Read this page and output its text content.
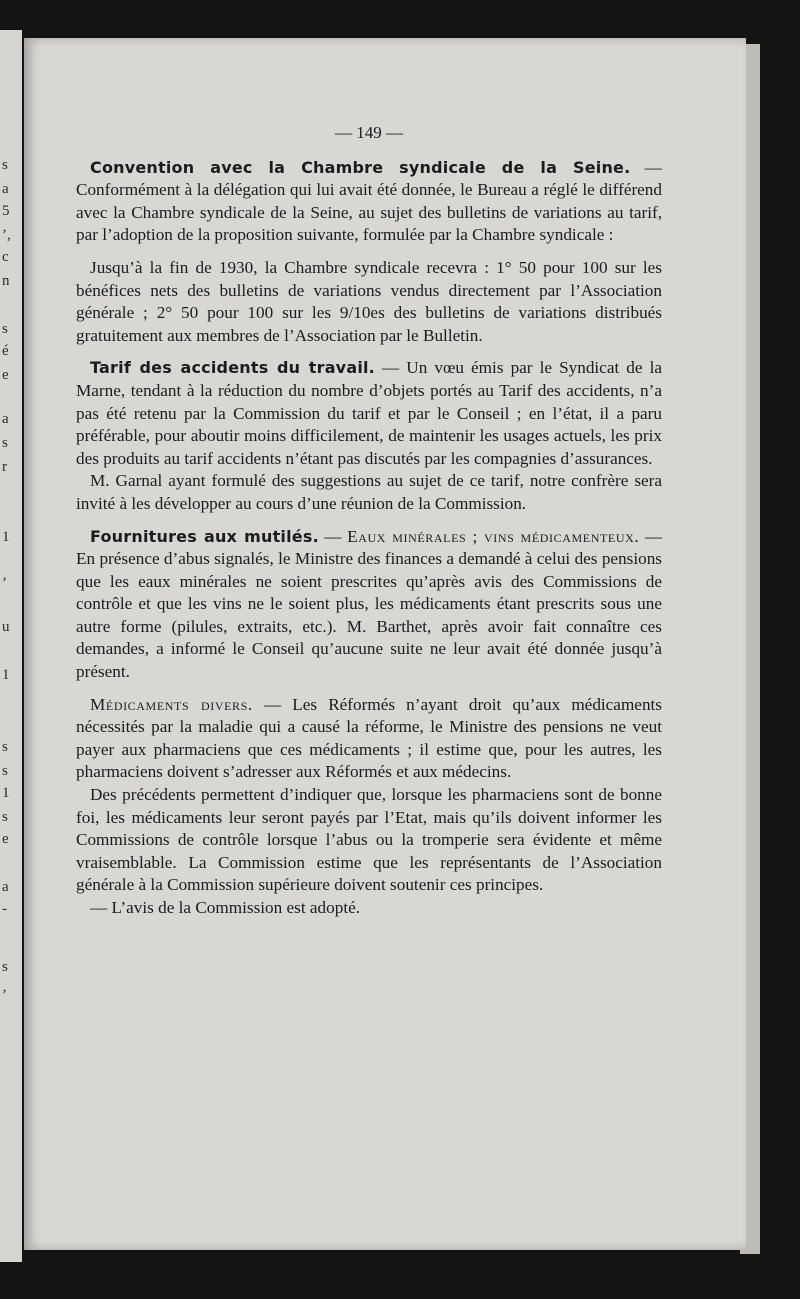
s
a
5
’,
c
n
s
é
e
a
s
r
1
’
u
1
s
s
1
s
e
a
-
s
’
— 149 —

Convention avec la Chambre syndicale de la Seine. — Conformément à la délégation qui lui avait été donnée, le Bureau a réglé le différend avec la Chambre syndicale de la Seine, au sujet des bulletins de variations au tarif, par l’adoption de la proposition suivante, formulée par la Chambre syndicale :

Jusqu’à la fin de 1930, la Chambre syndicale recevra : 1° 50 pour 100 sur les bénéfices nets des bulletins de variations vendus directement par l’Association générale ; 2° 50 pour 100 sur les 9/10es des bulletins de variations distribués gratuitement aux membres de l’Association par le Bulletin.

Tarif des accidents du travail. — Un vœu émis par le Syndicat de la Marne, tendant à la réduction du nombre d’objets portés au Tarif des accidents, n’a pas été retenu par la Commission du tarif et par le Conseil ; en l’état, il a paru préférable, pour aboutir moins difficilement, de maintenir les usages actuels, les prix des produits au tarif accidents n’étant pas discutés par les compagnies d’assurances.

M. Garnal ayant formulé des suggestions au sujet de ce tarif, notre confrère sera invité à les développer au cours d’une réunion de la Commission.

Fournitures aux mutilés. — Eaux minérales ; vins médicamenteux. — En présence d’abus signalés, le Ministre des finances a demandé à celui des pensions que les eaux minérales ne soient prescrites qu’après avis des Commissions de contrôle et que les vins ne le soient plus, les médicaments étant prescrits sous une autre forme (pilules, extraits, etc.). M. Barthet, après avoir fait connaître ces demandes, a informé le Conseil qu’aucune suite ne leur avait été donnée jusqu’à présent.

Médicaments divers. — Les Réformés n’ayant droit qu’aux médicaments nécessités par la maladie qui a causé la réforme, le Ministre des pensions ne veut payer aux pharmaciens que ces médicaments ; il estime que, pour les autres, les pharmaciens doivent s’adresser aux Réformés et aux médecins.

Des précédents permettent d’indiquer que, lorsque les pharmaciens sont de bonne foi, les médicaments leur seront payés par l’Etat, mais qu’ils doivent informer les Commissions de contrôle lorsque l’abus ou la tromperie sera évidente et même vraisemblable. La Commission estime que les représentants de l’Association générale à la Commission supérieure doivent soutenir ces principes.

— L’avis de la Commission est adopté.
